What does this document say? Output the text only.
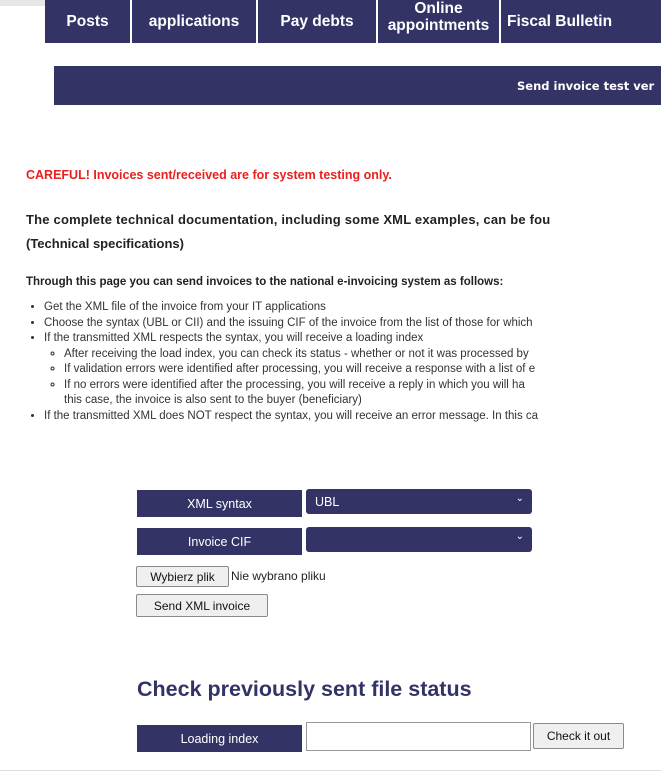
Posts	applications	Pay debts
Online
appointments Fiscal Bulletin
Send invoice test ver
CAREFUL! Invoices sent/received are for system testing only.
The complete technical documentation, including some XML examples, can be fou
(Technical specifications)
Through this page you can send invoices to the national e-invoicing system as follows:
• Get the XML file of the invoice from your IT applications
• Choose the syntax (UBL or CII) and the issuing CIF of the invoice from the list of those for which
• If the transmitted XML respects the syntax, you will receive a loading index
◦ After receiving the load index, you can check its status - whether or not it was processed by
◦ If validation errors were identified after processing, you will receive a response with a list of e
◦ If no errors were identified after the processing, you will receive a reply in which you will ha
this case, the invoice is also sent to the buyer (beneficiary)
• If the transmitted XML does NOT respect the syntax, you will receive an error message. In this ca
XML syntax	UBL	⌄
Invoice CIF	⌄
Wybierz plik	Nie wybrano pliku
Send XML invoice
Check previously sent file status
Loading index	Check it out
